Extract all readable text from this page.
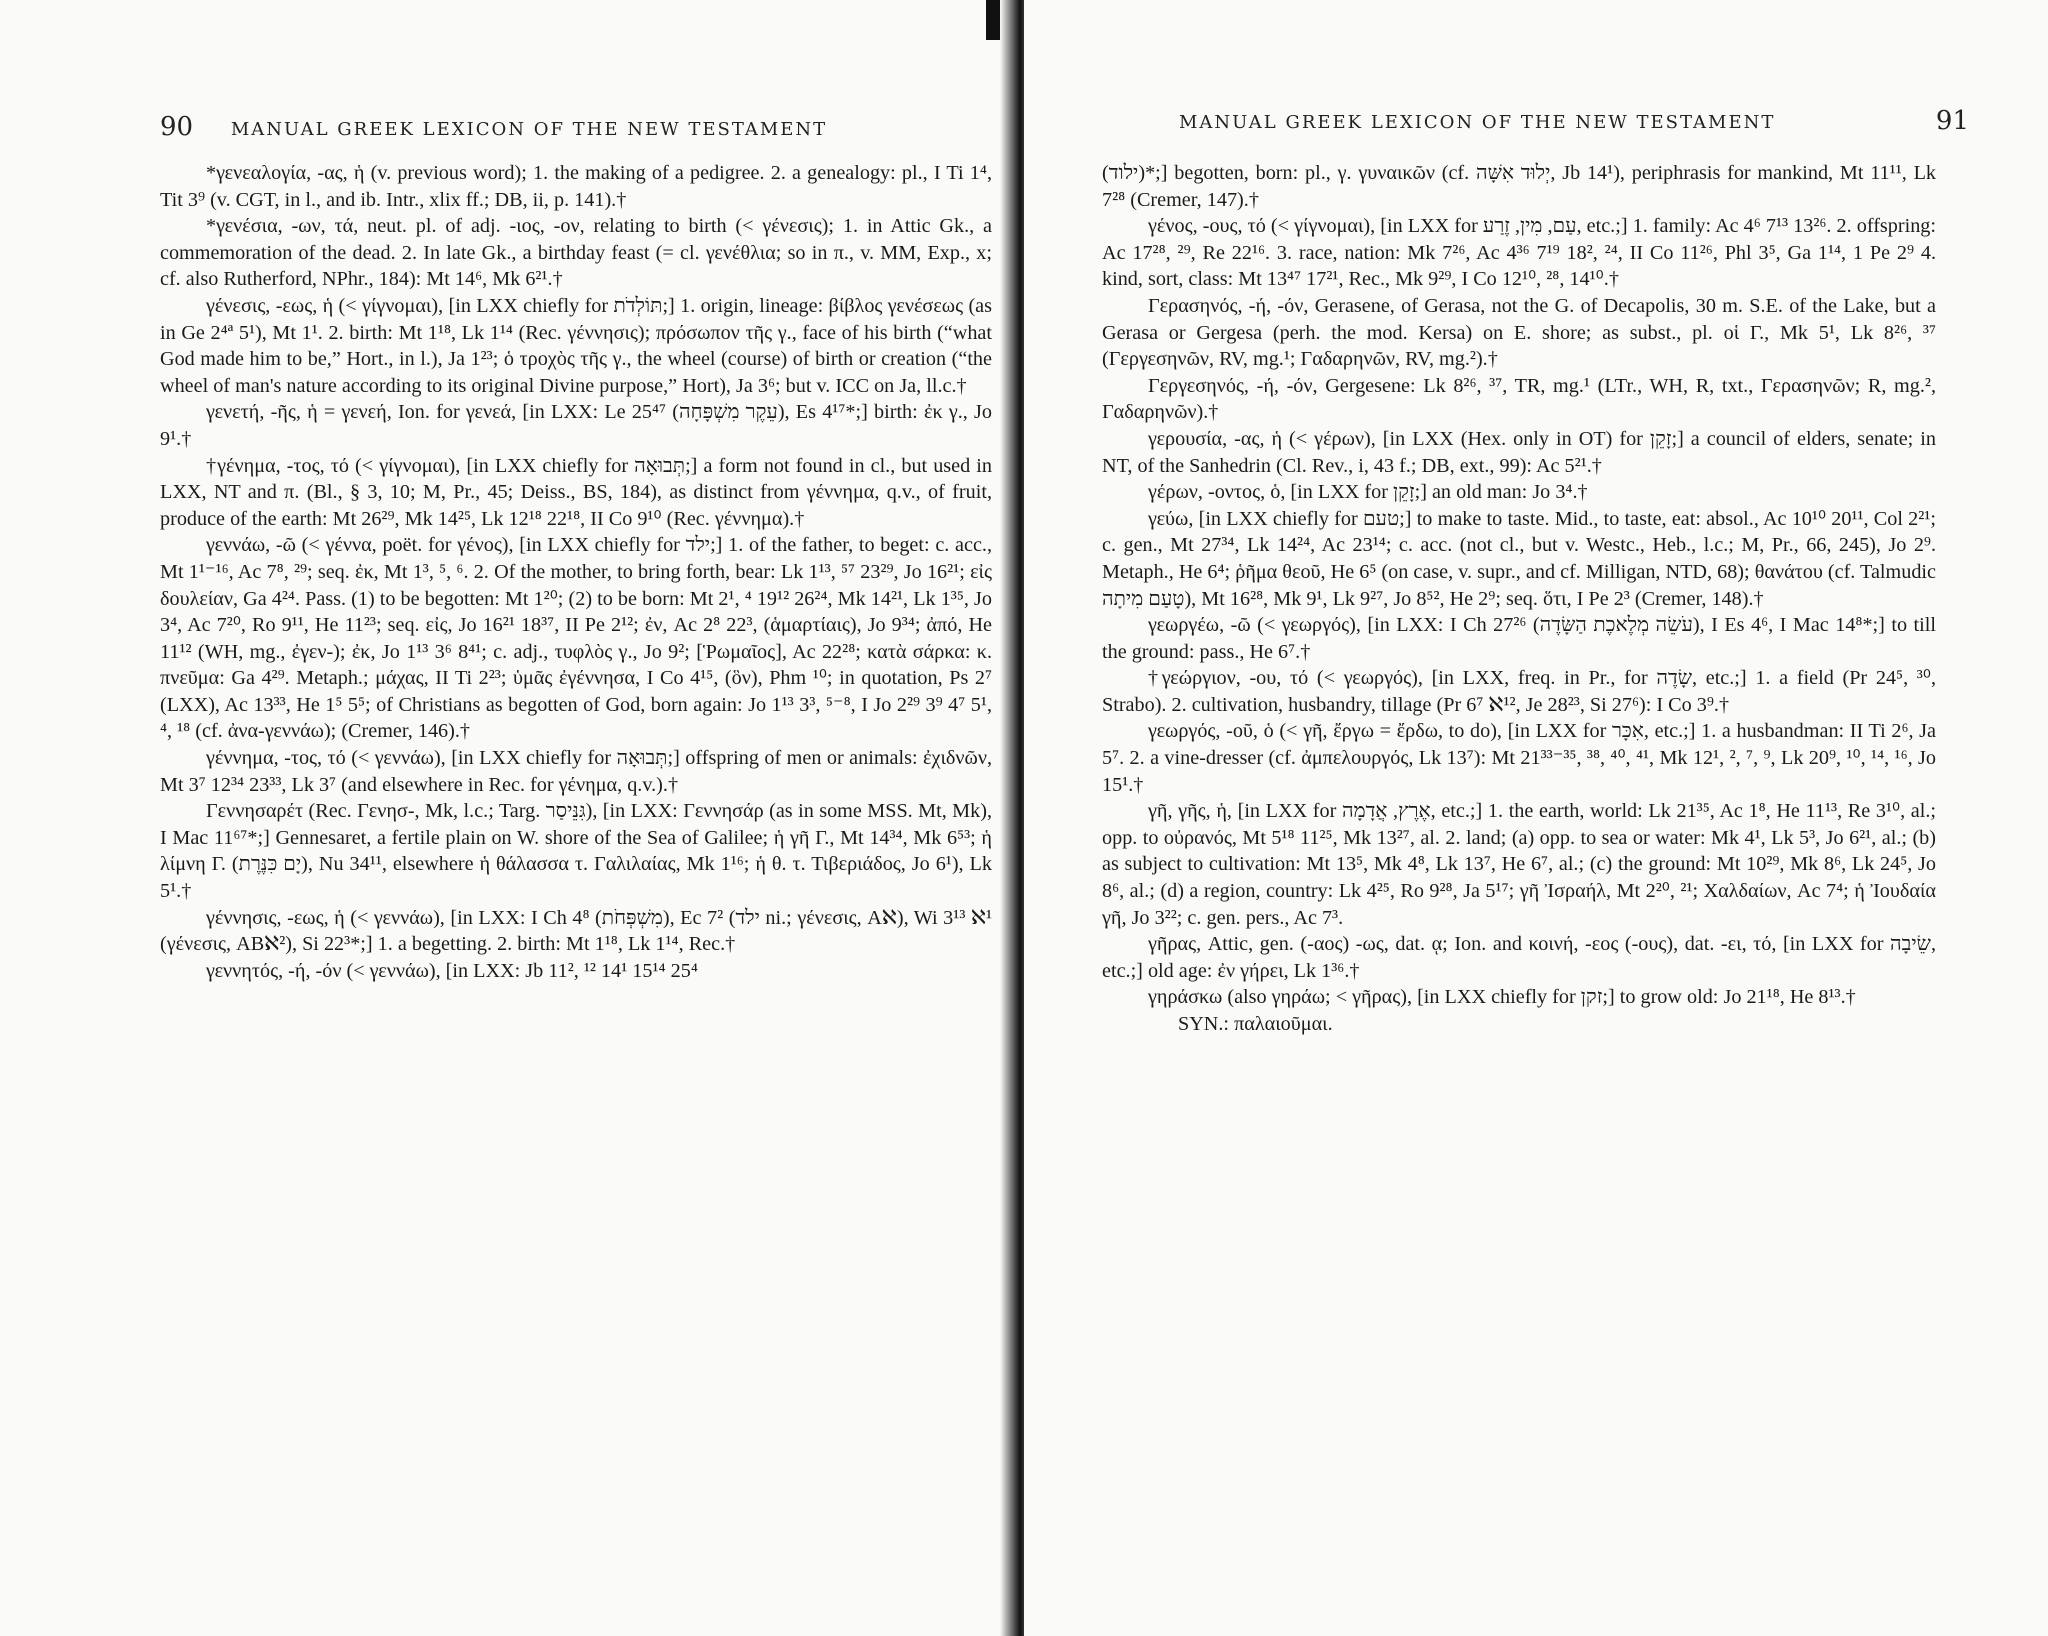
90 MANUAL GREEK LEXICON OF THE NEW TESTAMENT

*γενεαλογία, -ας, ἡ (v. previous word); 1. the making of a pedigree. 2. a genealogy: pl., I Ti 1⁴, Tit 3⁹ (v. CGT, in l., and ib. Intr., xlix ff.; DB, ii, p. 141).†

*γενέσια, -ων, τά, neut. pl. of adj. -ιος, -ον, relating to birth (< γένεσις); 1. in Attic Gk., a commemoration of the dead. 2. In late Gk., a birthday feast (= cl. γενέθλια; so in π., v. MM, Exp., x; cf. also Rutherford, NPhr., 184): Mt 14⁶, Mk 6²¹.†

γένεσις, -εως, ἡ (< γίγνομαι), [in LXX chiefly for תּוֹלְדֹת;] 1. origin, lineage: βίβλος γενέσεως (as in Ge 2⁴ª 5¹), Mt 1¹. 2. birth: Mt 1¹⁸, Lk 1¹⁴ (Rec. γέννησις); πρόσωπον τῆς γ., face of his birth (“what God made him to be,” Hort., in l.), Ja 1²³; ὁ τροχὸς τῆς γ., the wheel (course) of birth or creation (“the wheel of man's nature according to its original Divine purpose,” Hort), Ja 3⁶; but v. ICC on Ja, ll.c.†

γενετή, -ῆς, ἡ = γενεή, Ion. for γενεά, [in LXX: Le 25⁴⁷ (עֵקֶר מִשְׁפָּחָה), Es 4¹⁷*;] birth: ἐκ γ., Jo 9¹.†

†γένημα, -τος, τό (< γίγνομαι), [in LXX chiefly for תְּבוּאָה;] a form not found in cl., but used in LXX, NT and π. (Bl., § 3, 10; M, Pr., 45; Deiss., BS, 184), as distinct from γέννημα, q.v., of fruit, produce of the earth: Mt 26²⁹, Mk 14²⁵, Lk 12¹⁸ 22¹⁸, II Co 9¹⁰ (Rec. γέννημα).†

γεννάω, -ῶ (< γέννα, poët. for γένος), [in LXX chiefly for ילד;] 1. of the father, to beget: c. acc., Mt 1¹⁻¹⁶, Ac 7⁸, ²⁹; seq. ἐκ, Mt 1³, ⁵, ⁶. 2. Of the mother, to bring forth, bear: Lk 1¹³, ⁵⁷ 23²⁹, Jo 16²¹; εἰς δουλείαν, Ga 4²⁴. Pass. (1) to be begotten: Mt 1²⁰; (2) to be born: Mt 2¹, ⁴ 19¹² 26²⁴, Mk 14²¹, Lk 1³⁵, Jo 3⁴, Ac 7²⁰, Ro 9¹¹, He 11²³; seq. εἰς, Jo 16²¹ 18³⁷, II Pe 2¹²; ἐν, Ac 2⁸ 22³, (ἁμαρτίαις), Jo 9³⁴; ἀπό, He 11¹² (WH, mg., ἐγεν-); ἐκ, Jo 1¹³ 3⁶ 8⁴¹; c. adj., τυφλὸς γ., Jo 9²; [Ῥωμαῖος], Ac 22²⁸; κατὰ σάρκα: κ. πνεῦμα: Ga 4²⁹. Metaph.; μάχας, II Ti 2²³; ὑμᾶς ἐγέννησα, I Co 4¹⁵, (ὃν), Phm ¹⁰; in quotation, Ps 2⁷ (LXX), Ac 13³³, He 1⁵ 5⁵; of Christians as begotten of God, born again: Jo 1¹³ 3³, ⁵⁻⁸, I Jo 2²⁹ 3⁹ 4⁷ 5¹, ⁴, ¹⁸ (cf. ἀνα-γεννάω); (Cremer, 146).†

γέννημα, -τος, τό (< γεννάω), [in LXX chiefly for תְּבוּאָה;] offspring of men or animals: ἐχιδνῶν, Mt 3⁷ 12³⁴ 23³³, Lk 3⁷ (and elsewhere in Rec. for γένημα, q.v.).†

Γεννησαρέτ (Rec. Γενησ-, Mk, l.c.; Targ. גִּנֵּיסַר), [in LXX: Γεννησάρ (as in some MSS. Mt, Mk), I Mac 11⁶⁷*;] Gennesaret, a fertile plain on W. shore of the Sea of Galilee; ἡ γῆ Γ., Mt 14³⁴, Mk 6⁵³; ἡ λίμνη Γ. (יָם כִּנֶּרֶת), Nu 34¹¹, elsewhere ἡ θάλασσα τ. Γαλιλαίας, Mk 1¹⁶; ἡ θ. τ. Τιβεριάδος, Jo 6¹), Lk 5¹.†

γέννησις, -εως, ἡ (< γεννάω), [in LXX: I Ch 4⁸ (מִשְׁפְּחֹת), Ec 7² (ילד ni.; γένεσις, Aℵ), Wi 3¹³ ℵ¹ (γένεσις, ABℵ²), Si 22³*;] 1. a begetting. 2. birth: Mt 1¹⁸, Lk 1¹⁴, Rec.†

γεννητός, -ή, -όν (< γεννάω), [in LXX: Jb 11², ¹² 14¹ 15¹⁴ 25⁴

MANUAL GREEK LEXICON OF THE NEW TESTAMENT	91

(ילוד)*;] begotten, born: pl., γ. γυναικῶν (cf. יְלוּד אִשָּׁה, Jb 14¹), periphrasis for mankind, Mt 11¹¹, Lk 7²⁸ (Cremer, 147).†

γένος, -ους, τό (< γίγνομαι), [in LXX for עַם, מִין, זֶרַע, etc.;] 1. family: Ac 4⁶ 7¹³ 13²⁶. 2. offspring: Ac 17²⁸, ²⁹, Re 22¹⁶. 3. race, nation: Mk 7²⁶, Ac 4³⁶ 7¹⁹ 18², ²⁴, II Co 11²⁶, Phl 3⁵, Ga 1¹⁴, 1 Pe 2⁹ 4. kind, sort, class: Mt 13⁴⁷ 17²¹, Rec., Mk 9²⁹, I Co 12¹⁰, ²⁸, 14¹⁰.†

Γερασηνός, -ή, -όν, Gerasene, of Gerasa, not the G. of Decapolis, 30 m. S.E. of the Lake, but a Gerasa or Gergesa (perh. the mod. Kersa) on E. shore; as subst., pl. οἱ Γ., Mk 5¹, Lk 8²⁶, ³⁷ (Γεργεσηνῶν, RV, mg.¹; Γαδαρηνῶν, RV, mg.²).†

Γεργεσηνός, -ή, -όν, Gergesene: Lk 8²⁶, ³⁷, TR, mg.¹ (LTr., WH, R, txt., Γερασηνῶν; R, mg.², Γαδαρηνῶν).†

γερουσία, -ας, ἡ (< γέρων), [in LXX (Hex. only in OT) for זָקֵן;] a council of elders, senate; in NT, of the Sanhedrin (Cl. Rev., i, 43 f.; DB, ext., 99): Ac 5²¹.†

γέρων, -οντος, ὁ, [in LXX for זָקֵן;] an old man: Jo 3⁴.†

γεύω, [in LXX chiefly for טעם;] to make to taste. Mid., to taste, eat: absol., Ac 10¹⁰ 20¹¹, Col 2²¹; c. gen., Mt 27³⁴, Lk 14²⁴, Ac 23¹⁴; c. acc. (not cl., but v. Westc., Heb., l.c.; M, Pr., 66, 245), Jo 2⁹. Metaph., He 6⁴; ῥῆμα θεοῦ, He 6⁵ (on case, v. supr., and cf. Milligan, NTD, 68); θανάτου (cf. Talmudic טָעַם מִיתָה), Mt 16²⁸, Mk 9¹, Lk 9²⁷, Jo 8⁵², He 2⁹; seq. ὅτι, I Pe 2³ (Cremer, 148).†

γεωργέω, -ῶ (< γεωργός), [in LXX: I Ch 27²⁶ (עֹשֵׂה מְלֶאכֶת הַשָּׂדֶה), I Es 4⁶, I Mac 14⁸*;] to till the ground: pass., He 6⁷.†

†γεώργιον, -ου, τό (< γεωργός), [in LXX, freq. in Pr., for שָׂדֶה, etc.;] 1. a field (Pr 24⁵, ³⁰, Strabo). 2. cultivation, husbandry, tillage (Pr 6⁷ ℵ¹², Je 28²³, Si 27⁶): I Co 3⁹.†

γεωργός, -οῦ, ὁ (< γῆ, ἔργω = ἔρδω, to do), [in LXX for אִכָּר, etc.;] 1. a husbandman: II Ti 2⁶, Ja 5⁷. 2. a vine-dresser (cf. ἀμπελουργός, Lk 13⁷): Mt 21³³⁻³⁵, ³⁸, ⁴⁰, ⁴¹, Mk 12¹, ², ⁷, ⁹, Lk 20⁹, ¹⁰, ¹⁴, ¹⁶, Jo 15¹.†

γῆ, γῆς, ἡ, [in LXX for אֶרֶץ, אֲדָמָה, etc.;] 1. the earth, world: Lk 21³⁵, Ac 1⁸, He 11¹³, Re 3¹⁰, al.; opp. to οὐρανός, Mt 5¹⁸ 11²⁵, Mk 13²⁷, al. 2. land; (a) opp. to sea or water: Mk 4¹, Lk 5³, Jo 6²¹, al.; (b) as subject to cultivation: Mt 13⁵, Mk 4⁸, Lk 13⁷, He 6⁷, al.; (c) the ground: Mt 10²⁹, Mk 8⁶, Lk 24⁵, Jo 8⁶, al.; (d) a region, country: Lk 4²⁵, Ro 9²⁸, Ja 5¹⁷; γῆ Ἰσραήλ, Mt 2²⁰, ²¹; Χαλδαίων, Ac 7⁴; ἡ Ἰουδαία γῆ, Jo 3²²; c. gen. pers., Ac 7³.

γῆρας, Attic, gen. (-αος) -ως, dat. ᾳ; Ion. and κοινή, -εος (-ους), dat. -ει, τό, [in LXX for שֵׂיבָה, etc.;] old age: ἐν γήρει, Lk 1³⁶.†

γηράσκω (also γηράω; < γῆρας), [in LXX chiefly for זקן;] to grow old: Jo 21¹⁸, He 8¹³.†

SYN.: παλαιοῦμαι.
